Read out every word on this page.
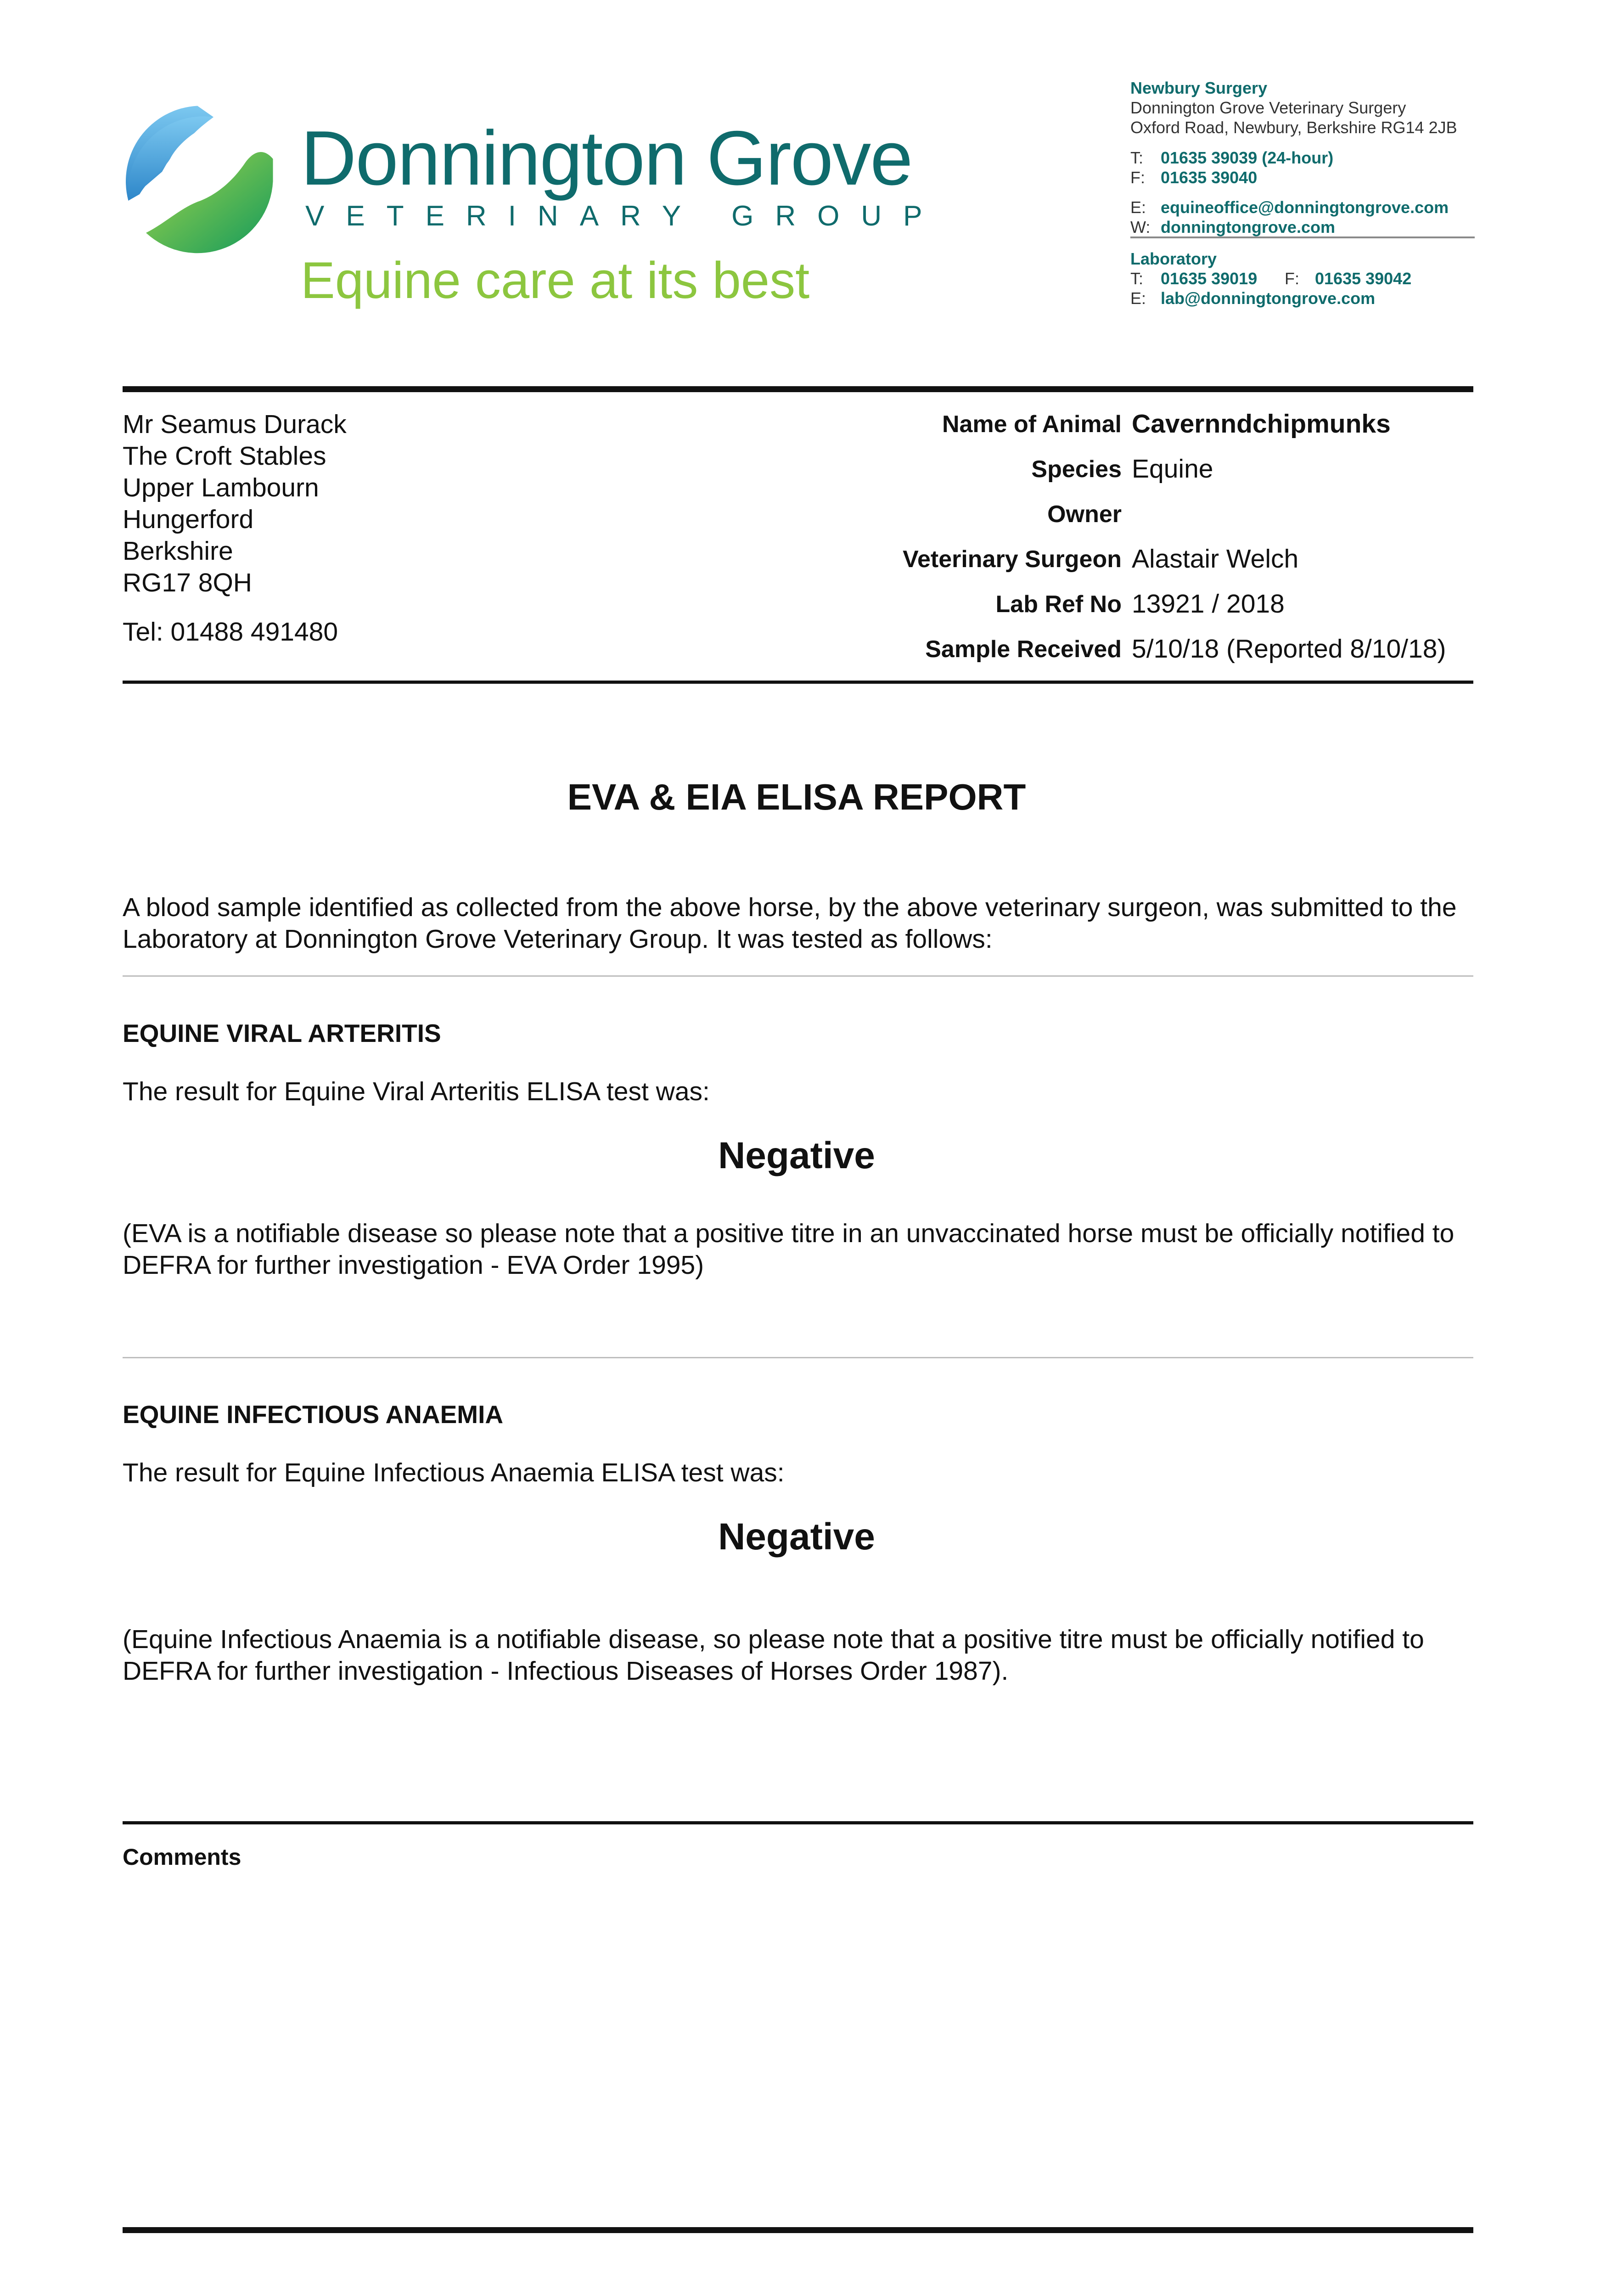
Donnington Grove
VETERINARY GROUP
Equine care at its best
Newbury Surgery
Donnington Grove Veterinary Surgery
Oxford Road, Newbury, Berkshire RG14 2JB
T:	01635 39039 (24-hour)
F: 01635 39040
E: equineoffice@donningtongrove.com
W: donningtongrove.com
Laboratory
T:	01635 39019	F: 01635 39042
E: lab@donningtongrove.com
Mr Seamus Durack
The Croft Stables
Upper Lambourn
Hungerford
Berkshire
RG17 8QH
Tel: 01488 491480
Name of Animal Cavernndchipmunks
Species Equine
Owner
Veterinary Surgeon Alastair Welch
Lab Ref No 13921 / 2018
Sample Received 5/10/18 (Reported 8/10/18)
EVA & EIA ELISA REPORT
A blood sample identified as collected from the above horse, by the above veterinary surgeon, was submitted to the Laboratory at Donnington Grove Veterinary Group. It was tested as follows:
EQUINE VIRAL ARTERITIS
The result for Equine Viral Arteritis ELISA test was:
Negative
(EVA is a notifiable disease so please note that a positive titre in an unvaccinated horse must be officially notified to DEFRA for further investigation - EVA Order 1995)
EQUINE INFECTIOUS ANAEMIA
The result for Equine Infectious Anaemia ELISA test was:
Negative
(Equine Infectious Anaemia is a notifiable disease, so please note that a positive titre must be officially notified to DEFRA for further investigation - Infectious Diseases of Horses Order 1987).
Comments
